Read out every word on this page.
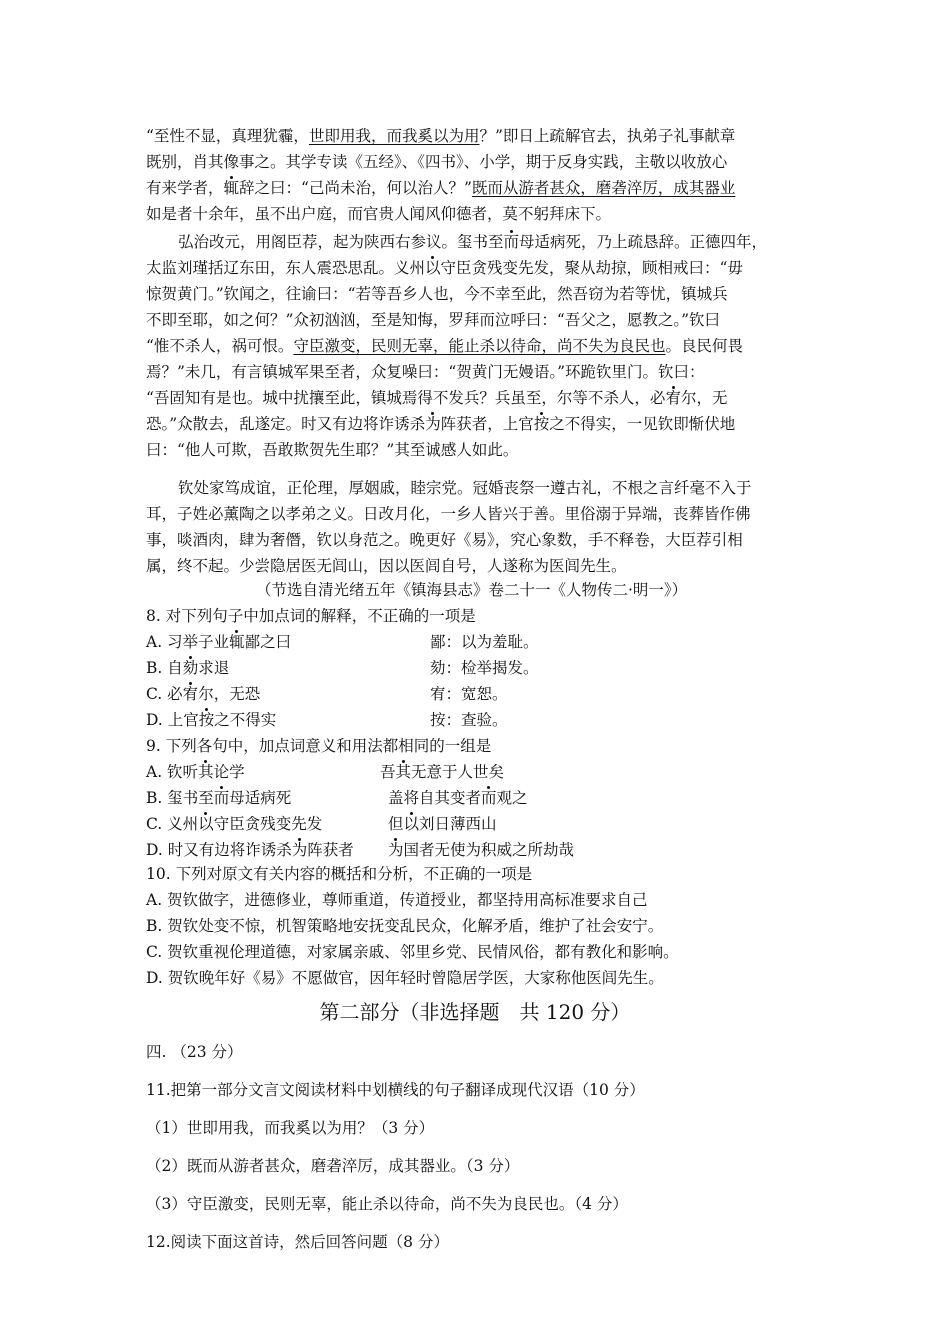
“至性不显，真理犹霾，世即用我，而我奚以为用？”即日上疏解官去，执弟子礼事献章
既别，肖其像事之。其学专读《五经》、《四书》、小学，期于反身实践，主敬以收放心
有来学者，辄辞之曰：“己尚未治，何以治人？”既而从游者甚众，磨砻淬厉，成其器业
如是者十余年，虽不出户庭，而官贵人闻风仰德者，莫不躬拜床下。
弘治改元，用阁臣荐，起为陕西右参议。玺书至而母适病死，乃上疏恳辞。正德四年，
太监刘瑾括辽东田，东人震恐思乱。义州以守臣贪残变先发，聚从劫掠，顾相戒曰：“毋
惊贺黄门。”钦闻之，往谕曰：“若等吾乡人也，今不幸至此，然吾窃为若等忧，镇城兵
不即至耶，如之何？”众初汹汹，至是知悔，罗拜而泣呼曰：“吾父之，愿教之。”钦曰
“惟不杀人，祸可恨。守臣激变，民则无辜，能止杀以待命，尚不失为良民也。良民何畏
焉？”未几，有言镇城军果至者，众复噪曰：“贺黄门无嫚语。”环跪钦里门。钦曰：
“吾固知有是也。城中扰攘至此，镇城焉得不发兵？兵虽至，尔等不杀人，必宥尔，无
恐。”众散去，乱遂定。时又有边将诈诱杀为阵获者，上官按之不得实，一见钦即惭伏地
曰：“他人可欺，吾敢欺贺先生耶？”其至诚感人如此。
钦处家笃成谊，正伦理，厚姻戚，睦宗党。冠婚丧祭一遵古礼，不根之言纤毫不入于
耳，子姓必薰陶之以孝弟之义。日改月化，一乡人皆兴于善。里俗溺于异端，丧葬皆作佛
事，啖酒肉，肆为奢僭，钦以身范之。晚更好《易》，究心象数，手不释卷，大臣荐引相
属，终不起。少尝隐居医无闾山，因以医闾自号，人遂称为医闾先生。
（节选自清光绪五年《镇海县志》卷二十一《人物传二·明一》）
8. 对下列句子中加点词的解释，不正确的一项是
A. 习举子业辄鄙之曰	鄙：以为羞耻。
B. 自劾求退	劾：检举揭发。
C. 必宥尔，无恐	宥：宽恕。
D. 上官按之不得实	按：查验。
9. 下列各句中，加点词意义和用法都相同的一组是
A. 钦听其论学	吾其无意于人世矣
B. 玺书至而母适病死	盖将自其变者而观之
C. 义州以守臣贪残变先发	但以刘日薄西山
D. 时又有边将诈诱杀为阵获者 为国者无使为积威之所劫哉
10. 下列对原文有关内容的概括和分析，不正确的一项是
A. 贺钦做字，进德修业，尊师重道，传道授业，都坚持用高标准要求自己
B. 贺钦处变不惊，机智策略地安抚变乱民众，化解矛盾，维护了社会安宁。
C. 贺钦重视伦理道德，对家属亲戚、邻里乡党、民情风俗，都有教化和影响。
D. 贺钦晚年好《易》不愿做官，因年轻时曾隐居学医，大家称他医闾先生。
第二部分（非选择题　共 120 分）
四. （23 分）
11.把第一部分文言文阅读材料中划横线的句子翻译成现代汉语（10 分）
（1）世即用我，而我奚以为用？（3 分）
（2）既而从游者甚众，磨砻淬厉，成其器业。（3 分）
（3）守臣激变，民则无辜，能止杀以待命，尚不失为良民也。（4 分）
12.阅读下面这首诗，然后回答问题（8 分）
